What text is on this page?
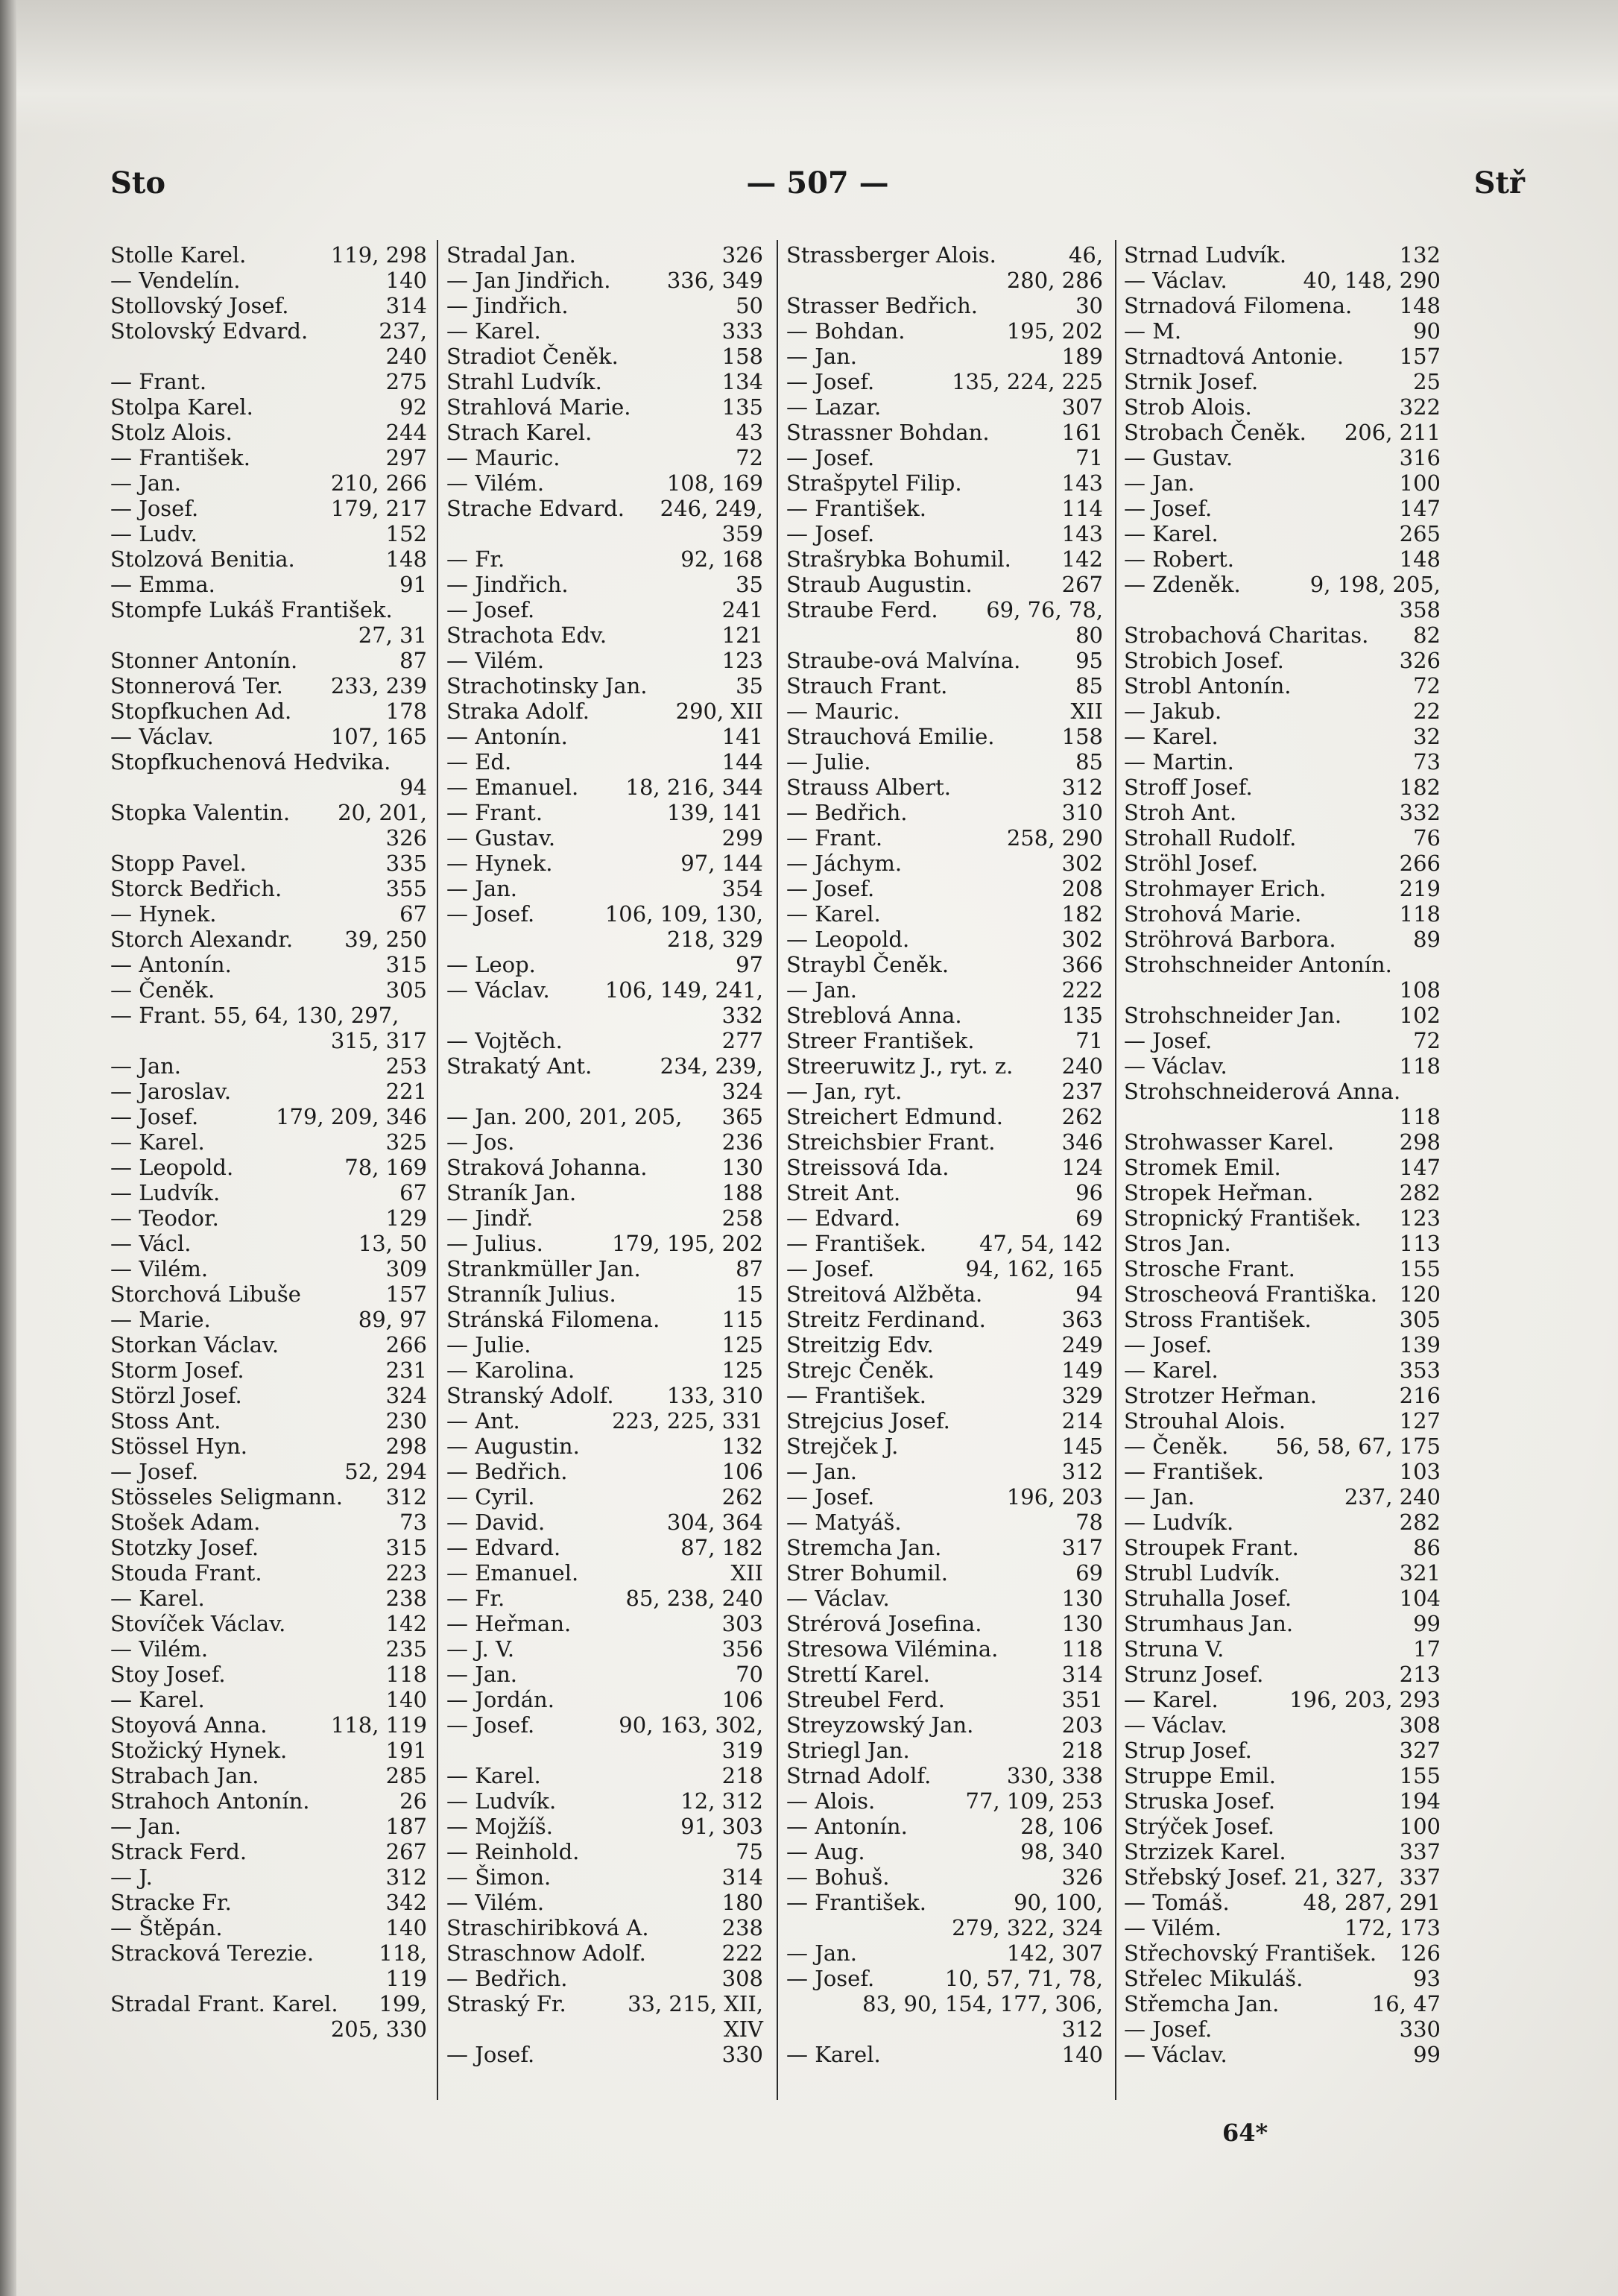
Sto	— 507 —	Stř
Stolle Karel.	119, 298
— Vendelín.	140
Stollovský Josef.	314
Stolovský Edvard.	237,
240
— Frant.	275
Stolpa Karel.	92
Stolz Alois.	244
— František.	297
— Jan.	210, 266
— Josef.	179, 217
— Ludv.	152
Stolzová Benitia.	148
— Emma.	91
Stompfe Lukáš František.
27, 31
Stonner Antonín.	87
Stonnerová Ter. 233, 239
Stopfkuchen Ad.	178
— Václav.	107, 165
Stopfkuchenová Hedvika.
94
Stopka Valentin. 20, 201,
326
Stopp Pavel.	335
Storck Bedřich.	355
— Hynek.	67
Storch Alexandr. 39, 250
— Antonín.	315
— Čeněk.	305
— Frant. 55, 64, 130, 297,
315, 317
— Jan.	253
— Jaroslav.	221
— Josef.	179, 209, 346
— Karel.	325
— Leopold.	78, 169
— Ludvík.	67
— Teodor.	129
— Václ.	13, 50
— Vilém.	309
Storchová Libuše	157
— Marie.	89, 97
Storkan Václav.	266
Storm Josef.	231
Störzl Josef.	324
Stoss Ant.	230
Stössel Hyn.	298
— Josef.	52, 294
Stösseles Seligmann. 312
Stošek Adam.	73
Stotzky Josef.	315
Stouda Frant.	223
— Karel.	238
Stovíček Václav.	142
— Vilém.	235
Stoy Josef.	118
— Karel.	140
Stoyová Anna.	118, 119
Stožický Hynek.	191
Strabach Jan.	285
Strahoch Antonín.	26
— Jan.	187
Strack Ferd.	267
— J.	312
Stracke Fr.	342
— Štěpán.	140
Stracková Terezie.	118,
119
Stradal Frant. Karel. 199,
205, 330
Stradal Jan.	326
— Jan Jindřich.	336, 349
— Jindřich.	50
— Karel.	333
Stradiot Čeněk.	158
Strahl Ludvík.	134
Strahlová Marie.	135
Strach Karel.	43
— Mauric.	72
— Vilém.	108, 169
Strache Edvard. 246, 249,
359
— Fr.	92, 168
— Jindřich.	35
— Josef.	241
Strachota Edv.	121
— Vilém.	123
Strachotinsky Jan.	35
Straka Adolf.	290, XII
— Antonín.	141
— Ed.	144
— Emanuel. 18, 216, 344
— Frant.	139, 141
— Gustav.	299
— Hynek.	97, 144
— Jan.	354
— Josef.	106, 109, 130,
218, 329
— Leop.	97
— Václav.	106, 149, 241,
332
— Vojtěch.	277
Strakatý Ant.	234, 239,
324
— Jan. 200, 201, 205, 365
— Jos.	236
Straková Johanna.	130
Straník Jan.	188
— Jindř.	258
— Julius.	179, 195, 202
Strankmüller Jan.	87
Stranník Julius.	15
Stránská Filomena.	115
— Julie.	125
— Karolina.	125
Stranský Adolf. 133, 310
— Ant.	223, 225, 331
— Augustin.	132
— Bedřich.	106
— Cyril.	262
— David.	304, 364
— Edvard.	87, 182
— Emanuel.	XII
— Fr.	85, 238, 240
— Heřman.	303
— J. V.	356
— Jan.	70
— Jordán.	106
— Josef.	90, 163, 302,
319
— Karel.	218
— Ludvík.	12, 312
— Mojžíš.	91, 303
— Reinhold.	75
— Šimon.	314
— Vilém.	180
Straschiribková A.	238
Straschnow Adolf.	222
— Bedřich.	308
Straský Fr.	33, 215, XII,
XIV
— Josef.	330
Strassberger Alois.	46,
280, 286
Strasser Bedřich.	30
— Bohdan.	195, 202
— Jan.	189
— Josef.	135, 224, 225
— Lazar.	307
Strassner Bohdan.	161
— Josef.	71
Strašpytel Filip.	143
— František.	114
— Josef.	143
Strašrybka Bohumil. 142
Straub Augustin.	267
Straube Ferd. 69, 76, 78,
80
Straube-ová Malvína.	95
Strauch Frant.	85
— Mauric.	XII
Strauchová Emilie.	158
— Julie.	85
Strauss Albert.	312
— Bedřich.	310
— Frant.	258, 290
— Jáchym.	302
— Josef.	208
— Karel.	182
— Leopold.	302
Straybl Čeněk.	366
— Jan.	222
Streblová Anna.	135
Streer František.	71
Streeruwitz J., ryt. z. 240
— Jan, ryt.	237
Streichert Edmund.	262
Streichsbier Frant.	346
Streissová Ida.	124
Streit Ant.	96
— Edvard.	69
— František. 47, 54, 142
— Josef.	94, 162, 165
Streitová Alžběta.	94
Streitz Ferdinand.	363
Streitzig Edv.	249
Strejc Čeněk.	149
— František.	329
Strejcius Josef.	214
Strejček J.	145
— Jan.	312
— Josef.	196, 203
— Matyáš.	78
Stremcha Jan.	317
Strer Bohumil.	69
— Václav.	130
Strérová Josefina.	130
Stresowa Vilémina.	118
Strettí Karel.	314
Streubel Ferd.	351
Streyzowský Jan.	203
Striegl Jan.	218
Strnad Adolf.	330, 338
— Alois.	77, 109, 253
— Antonín.	28, 106
— Aug.	98, 340
— Bohuš.	326
— František.	90, 100,
279, 322, 324
— Jan.	142, 307
— Josef.	10, 57, 71, 78,
83, 90, 154, 177, 306,
312
— Karel.	140
Strnad Ludvík.	132
— Václav.	40, 148, 290
Strnadová Filomena. 148
— M.	90
Strnadtová Antonie.	157
Strnik Josef.	25
Strob Alois.	322
Strobach Čeněk. 206, 211
— Gustav.	316
— Jan.	100
— Josef.	147
— Karel.	265
— Robert.	148
— Zdeněk.	9, 198, 205,
358
Strobachová Charitas. 82
Strobich Josef.	326
Strobl Antonín.	72
— Jakub.	22
— Karel.	32
— Martin.	73
Stroff Josef.	182
Stroh Ant.	332
Strohall Rudolf.	76
Ströhl Josef.	266
Strohmayer Erich.	219
Strohová Marie.	118
Ströhrová Barbora.	89
Strohschneider Antonín.
108
Strohschneider Jan.	102
— Josef.	72
— Václav.	118
Strohschneiderová Anna.
118
Strohwasser Karel.	298
Stromek Emil.	147
Stropek Heřman.	282
Stropnický František. 123
Stros Jan.	113
Strosche Frant.	155
Stroscheová Františka. 120
Stross František.	305
— Josef.	139
— Karel.	353
Strotzer Heřman.	216
Strouhal Alois.	127
— Čeněk. 56, 58, 67, 175
— František.	103
— Jan.	237, 240
— Ludvík.	282
Stroupek Frant.	86
Strubl Ludvík.	321
Struhalla Josef.	104
Strumhaus Jan.	99
Struna V.	17
Strunz Josef.	213
— Karel.	196, 203, 293
— Václav.	308
Strup Josef.	327
Struppe Emil.	155
Struska Josef.	194
Strýček Josef.	100
Strzizek Karel.	337
Střebský Josef. 21, 327, 337
— Tomáš.	48, 287, 291
— Vilém.	172, 173
Střechovský František. 126
Střelec Mikuláš.	93
Střemcha Jan.	16, 47
— Josef.	330
— Václav.	99
64*
